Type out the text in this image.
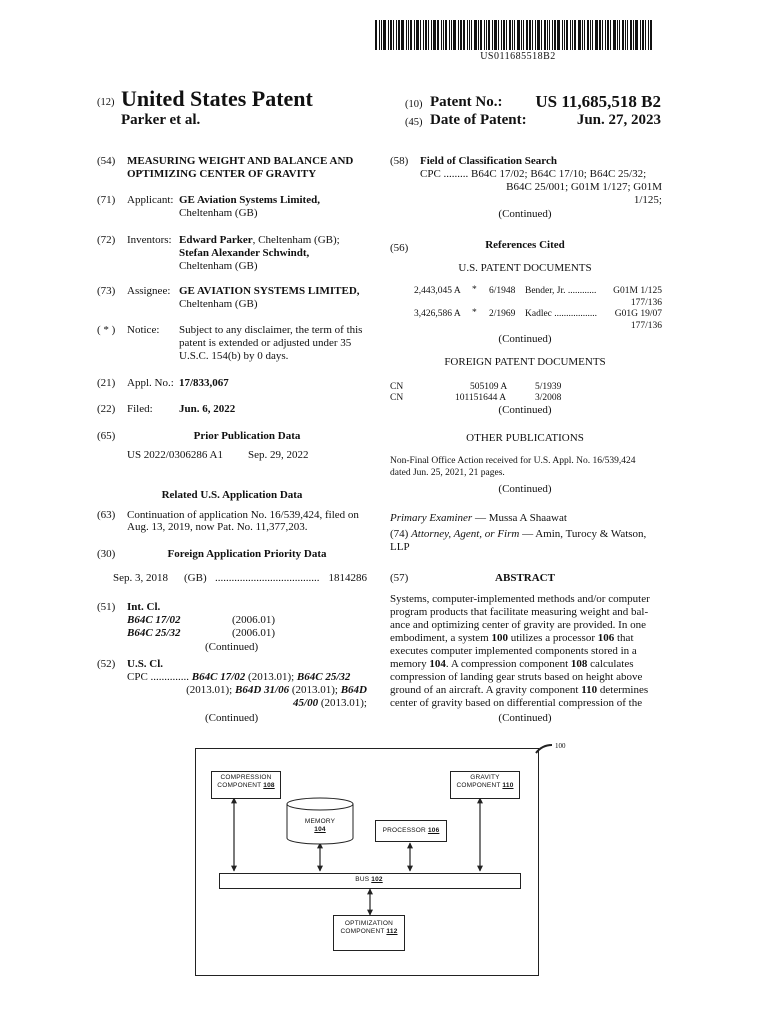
US011685518B2
(12) United States Patent
Parker et al.
(10) Patent No.:	US 11,685,518 B2
(45) Date of Patent:	Jun. 27, 2023
(54) MEASURING WEIGHT AND BALANCE AND
OPTIMIZING CENTER OF GRAVITY
(71) Applicant: GE Aviation Systems Limited,
Cheltenham (GB)
(72) Inventors: Edward Parker, Cheltenham (GB);
Stefan Alexander Schwindt,
Cheltenham (GB)
(73) Assignee: GE AVIATION SYSTEMS LIMITED,
Cheltenham (GB)
( * ) Notice: Subject to any disclaimer, the term of this
patent is extended or adjusted under 35
U.S.C. 154(b) by 0 days.
(21) Appl. No.: 17/833,067
(22) Filed: Jun. 6, 2022
(65)	Prior Publication Data
US 2022/0306286 A1 Sep. 29, 2022
Related U.S. Application Data
(63) Continuation of application No. 16/539,424, filed on
Aug. 13, 2019, now Pat. No. 11,377,203.
(30)	Foreign Application Priority Data
Sep. 3, 2018 (GB) ...................................... 1814286
(51) Int. Cl.
B64C 17/02	(2006.01)
B64C 25/32	(2006.01)
(Continued)
(52) U.S. Cl.
CPC .............. B64C 17/02 (2013.01); B64C 25/32
(2013.01); B64D 31/06 (2013.01); B64D
45/00 (2013.01);
(Continued)
(58) Field of Classification Search
CPC ......... B64C 17/02; B64C 17/10; B64C 25/32;
B64C 25/001; G01M 1/127; G01M
1/125;
(Continued)
(56)	References Cited
U.S. PATENT DOCUMENTS
2,443,045 A * 6/1948 Bender, Jr. ............	G01M 1/125
177/136
3,426,586 A * 2/1969 Kadlec ..................	G01G 19/07
177/136
(Continued)
FOREIGN PATENT DOCUMENTS
CN	505109 A	5/1939
CN	101151644 A	3/2008
(Continued)
OTHER PUBLICATIONS
Non-Final Office Action received for U.S. Appl. No. 16/539,424
dated Jun. 25, 2021, 21 pages.
(Continued)
Primary Examiner — Mussa A Shaawat
(74) Attorney, Agent, or Firm — Amin, Turocy & Watson,
LLP
(57)	ABSTRACT
Systems, computer-implemented methods and/or computer
program products that facilitate measuring weight and bal-
ance and optimizing center of gravity are provided. In one
embodiment, a system 100 utilizes a processor 106 that
executes computer implemented components stored in a
memory 104. A compression component 108 calculates
compression of landing gear struts based on height above
ground of an aircraft. A gravity component 110 determines
center of gravity based on differential compression of the
(Continued)
100
COMPRESSION
COMPONENT 108
GRAVITY
COMPONENT 110
MEMORY
104	PROCESSOR 106
BUS 102
OPTIMIZATION
COMPONENT 112
